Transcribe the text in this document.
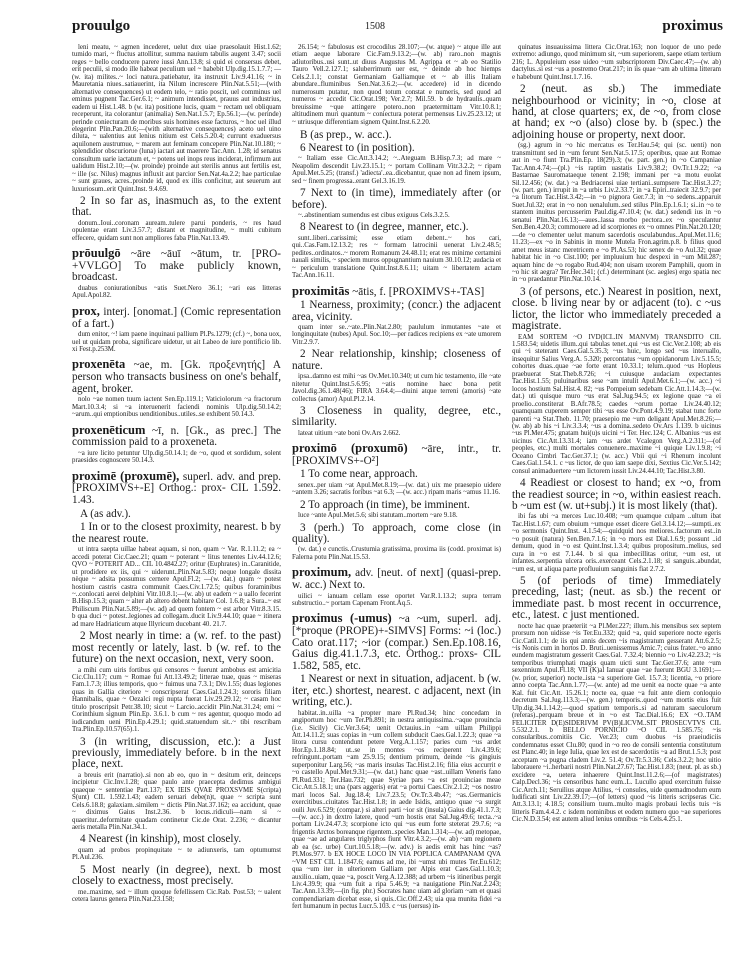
prouulgo	1508	proximus
leni meatu, ~ agmen incederet, uelut dux uiae praesolauit Hist.1.62; tumido mari, ~ fluctus attollitur, summa nauium tabulis augent 3.47; socii reges ~ bello conducere parere iussi Ann.13.8; si quid ei consersus debet, erit peculii, si modo ille habeat peculium uel ~ habebit Ulp.dig.15.1.7.7; —(w. ita) milites..~ loci natura..patiebatur, ita instruxit Liv.9.41.16; ~ in Mauretania niues..satiauerint, ita Nilum increscere Plin.Nat.5.51;—(with alternative consequences) ut eodem telo, ~ ratio poscit, uel comminus uel eminus pugnent Tac.Ger.6.1; ~ animum intendisset, prauus aut industrius, eadem ui Hist.1.48. b (w. ita) positione lucis, quam ~ rectam uel obliquam receperunt, ita colorantur (animalia) Sen.Nat.1.5.7; Ep.56.1;—(w. perinde) perinde coniecturam de moribus suis homines esse facturos, ~ hoc uel illud elegerint Plin.Pan.20.6;—(with alternative consequences) aceto uel uino diluta, ~ ualentius aut lenius nitium est Cels.5.20.4; currunt exaduersus aquilonem austrumue, ~ marem aut feminam concepere Plin.Nat.10.180; ~ splendidior obscuriorue (luna) iactari aut maerere Tac.Ann. 1.28; id senatus consultum uarie iactatum et, ~ potens uel inops reus inciderat, infirmum aut ualidum Hist.2.10;—(w. proinde) proinde aut sterilis annus aut fertilis est, ~ ille (sc. Nilus) magnus influxit aut parcior Sen.Nat.4a.2.2; hae particulae ~ sunt graues, acres..proinde id, quod ex illis conficitur, aut seuerum aut luxuriosum..erit Quint.Inst. 9.4.69.
2 In so far as, inasmuch as, to the extent that.
donum..Ioui..coronam auream..tulere parui ponderis, ~ res haud opulentae erant Liv.3.57.7; distant et magnitudine, ~ multi cubitum effecere, quidam sunt non ampliores faba Plin.Nat.13.49.
prōuulgō ~āre ~āuī ~ātum, tr. [PRO-+VVLGO] To make publicly known, broadcast.
duabus coniurationibus ~atis Suet.Nero 36.1; ~ari eas litteras Apul.Apol.82.
prox, interj. [onomat.] (Comic representation of a fart.)
dum enitor, ~! iam paene inquinaui pallium Pl.Ps.1279; (cf.) ~, bona uox, uel ut quidam proba, significare uidetur, ut ait Labeo de iure pontificio lib. xi Fest.p.253M.
proxenēta ~ae, m. [Gk. προξενητής] A person who transacts business on one's behalf, agent, broker.
nolo ~ae nomen tuum iactent Sen.Ep.119.1; Vaticiolorum ~a fractorum Mart.10.3.4; si ~a interuenerit faciendi nominis Ulp.dig.50.14.2; ~arum..qui emptionibus uenditionibus..utiles..se exhibent 50.14.3.
proxenēticum ~ī, n. [Gk., as prec.] The commission paid to a proxeneta.
~a iure licito petuntur Ulp.dig.50.14.1; de ~o, quod et sordidum, solent praesides cognoscere 50.14.3.
proximē (proxumē), superl. adv. and prep. [PROXIMVS+-E] Orthog.: prox- CIL 1.592. 1.43.
A (as adv.).
1 In or to the closest proximity, nearest. b by the nearest route.
ut intra saepta uillae habeat aquam, si non, quam ~ Var. R.1.11.2; ea ~ accedi poterat Cic.Caec.21; quam ~ poterant ~ litus tenentes Liv.44.12.6; QVO ~ POTERIT AD... CIL 10.4842.27; oritur (Euphrates) in..Caranitide, ut prodidere ex iis, qui ~ uiderunt..Plin.Nat.5.83; neque longale dissita nèque ~ adsita possumus cernere Apul.Fl.2; —(w. dat.) quam ~ potest hostium castris castra communit Caes.Civ.1.72.5; quibus foraminibus ~..conlocati aerei delphini Vitr.10.8.1;—(w. ab) ut eadem ~ a uallo fecerint B.Hisp.15.3; quam ~ alter ab altero debent habitare Col. 1.6.8; a Sura..~ est Philiscum Plin.Nat.5.89;—(w. ad) ad quem fontem ~ est arbor Vitr.8.3.15. b qua duci ~ potest..legiones ad collegam..ducit Liv.9.44.10; quae ~ itinera ad mare Hadriaticum atque Illyricum ducebant 40. 21.7.
2 Most nearly in time: a (w. ref. to the past) most recently or lately, last. b (w. ref. to the future) on the next occasion, next, very soon.
a mihi cum uiris fortibus qui censores ~ fuerunt ambobus est amicitia Cic.Clu.117; cum ~ Romae fui Att.13.49.2; litterae tuae, quas ~ miseras Fam.1.7.3; illius temporis, quo ~ fuimus una 7.3.1; Div.1.55; duas legiones quas in Gallia citeriore ~ conscripserat Caes.Gal.1.24.3; sororis filiam Hannibalis, quae ~ Oezalci regi nupta fuerat Liv.29.29.12; ~ casam hoc titulo proscripsit Petr.38.10; sicut ~ Larcio..accidit Plin.Nat.31.24; emi ~ Corinthium signum Plin.Ep. 3.6.1. b cum ~ res agentur, quoquo modo ad iudicandum ueni Plin.Ep.4.29.1; quid..statuendum sit..~ tibi rescribam Tra.Plin.Ep.10.57(65).1.
3 (in writing, discussion, etc.): a Just previously, immediately before. b in the next place, next.
a breuis erit (narratio)..si non ab eo, quo in ~ desitum erit, deinceps incipietur Cic.Inv.1.28; quae paulo ante praecepta dedimus ambigui quaeque ~ sententiae Part.137; EX IEIS QVAE PROXSVME S(cripta) S(unt) CIL 1.592.1.43; eadem seruari debe(n)t, quae ~ scripta sunt Cels.6.18.8; galaxiam..similem ~ dictis Plin.Nat.37.162; ea accidunt, quae ~ diximus Gaius Inst.2.36. b locus..ridiculi—nam si ~ quaeritur..deformitate quadam continetur Cic.de Orat. 2.236; ~ dicantur aeris metalla Plin.Nat.34.1.
4 Nearest (in kinship), most closely.
quam ad probos propinquitate ~ te adiunxeris, tam optumumst Pl.Aul.236.
5 Most nearly (in degree), next. b most closely to exactness, most precisely.
me..maxime, sed ~ illum quoque fefellissem Cic.Rab. Post.53; ~ ualent cetera laurus genera Plin.Nat.23.158;
26.154; ~ fabulosus est crocodilus 28.107;—(w. atque) ~ atque ille aut etiam aeque laborare Cic.Fam.9.13.2;—(w. ab) raro..non magnis adiutoribus..usi sunt..ut diuus Augustus M. Agrippa et ~ ab eo Statilio Tauro Vell.2.127.1; saluberrimum uer est, ~ deinde ab hoc hiemps Cels.2.1.1; constat Germaniam Galliamque et ~ ab illis Italiam abundare..fluminibus Sen.Nat.3.6.2;—(w. accedere) id in dicendo numerosum putatur, non quod totum constat e numeris, sed quod ad numeros ~ accedit Cic.Orat.198; Ver.2.7; Mil.59. b de hydraulis..quam breuissime ~que attingere potero..non praetermittam Vitr.10.8.1; altitudinem muri quantum ~ coniectura poterat permensus Liv.25.23.12; ut ~ utriusque differentiam signem Quint.Inst.6.2.20.
B (as prep., w. acc.).
6 Nearest to (in position).
~ Italiam esse Cic.Att.3.14.2; ~..Ateguam B.Hisp.7.3; ad mare ~ Neapolim descendit Liv.23.15.1; ~ portam Collinam Vitr.3.2.2; ~ ripam Apul.Met.5.25; (transf.) 'adiecta'..ea..dicebantur, quae non ad finem ipsum, sed ~ finem progressa..erant Gel.3.16.19.
7 Next to (in time), immediately after (or before).
~..abstinentiam sumendus est cibus exiguus Cels.3.2.5.
8 Nearest to (in degree, manner, etc.).
sunt..liberi..carissimi; esse etiam debent..~ hos cari, qui..Cas.Fam.12.13.2; res ~ formam latrocinii uenerat Liv.2.48.5; pedites..ordinatos..~ morem Romanum 24.48.11; erat res minime certamini nauali similis, ~ speciem muros oppugnantium nauium 30.10.12; audacia et ~ periculum translatione Quint.Inst.8.6.11; uitam ~ libertatem actam Tac.Ann.16.11.
proximitās ~ātis, f. [PROXIMVS+-TAS]
1 Nearness, proximity; (concr.) the adjacent area, vicinity.
quam inter se..~ate..Plin.Nat.2.80; paululum inmutantes ~ate et longinquitate (nubes) Apul. Soc.10;—per radices recipiens ex ~ate umorem Vitr.2.9.7.
2 Near relationship, kinship; closeness of nature.
ipsa..damno est mihi ~as Ov.Met.10.340; ut cum hic testamento, ille ~ate nitetur Quint.Inst.5.6.95; ~atis nomine haec bona petit Javol.dig.36.1.48(46); FIRA 3.64.4;—diuini atque terreni (amoris) ~ate collectus (amor) Apul.Pl.2.14.
3 Closeness in quality, degree, etc., similarity.
lateat uitium ~ate boni Ov.Ars 2.662.
proximō (proxumō) ~āre, intr., tr. [PROXIMVS+-O²]
1 To come near, approach.
senex..per uiam ~at Apul.Met.8.19;—(w. dat.) uix me praesepio uidere ~antem 3.26; sacratis foribus ~at 6.3; —(w. acc.) ripam maris ~amus 11.16.
2 To approach (in time), be imminent.
luce ~ante Apul.Met.5.6; sibi statutam..mortem ~are 9.18.
3 (perh.) To approach, come close (in quality).
(w. dat.) e cunctis..Crustumia gratissima, proxima iis (codd. proximat is) Falerna potu Plin.Nat.15.53.
proximum, adv. [neut. of next] (quasi-prep. w. acc.) Next to.
uilici ~ ianuam cellam esse oportet Var.R.1.13.2; supra terram substructio..~ portam Capenam Front.Aq.5.
proximus (-umus) ~a ~um, superl. adj. [*proque (PROPE)+-SIMVS] Forms: ~i (loc.) Cato orat.117; ~ior (compar.) Sen.Ep.108.16, Gaius dig.41.1.7.3, etc. Orthog.: proxs- CIL 1.582, 585, etc.
1 Nearest or next in situation, adjacent. b (w. iter, etc.) shortest, nearest. c adjacent, next (in writing, etc.).
habitat..in..uilla ~a propter mare Pl.Rud.34; hinc concedam in angiportum hoc ~um Ter.Ph.891; in uestra antiquissima..~aque prouincia (i.e. Sicily) Cic.Ver.3.64; uenit Octauius..in ~am uillam Philippi Att.14.11.2; suas copias in ~um collem subducit Caes.Gal.1.22.3; quae ~a litora cursu contendunt petere Verg.A.1.157; paries cum ~us ardet Hor.Ep.1.18.84; ut..se in montes ~os reciperent Liv.4.39.6; refringunt..portam ~am 25.9.15; dentium primum, deinde ~is gingiuis superponitur Larg.56; ~as maris insulas Tac.Hist.2.16; filia eius accurrit e ~o castello Apul.Met.9.31;—(w. dat.) hanc quae ~ast..uillam Veneris fano Pl.Rud.331; Ter.Hau.732; quae Syriae pars ~a est prouinciae meae Cic.Att.5.18.1; una (pars aggeris) erat ~a portui Caes.Civ.2.1.2; ~os nostro mari locos Sal. Jug.18.4; Liv.7.23.5; Ov.Tr.3.4b.47; ~as..Germanicis exercitibus..ciuitates Tac.Hist.1.8; in aede Isidis, antiquo quae ~a surgit ouili Juv.6.529; (compar.) si alteri parti ~ior sit (insula) Gaius dig.41.1.7.3;—(w. acc.) in dextro latere, quod ~um hostis erat Sal.Jug.49.6; tecta..~a portam Liv.24.47.3; scorpione icto qui ~us eum forte steterat 29.7.6; ~a frigentis Arctos boreanque rigentem..species Man.1.314;—(w. ad) metopae, quae ~ae ad angulares triglyphos fiunt Vitr.4.3.2;—(w. ab) ~am regionem ab ea (sc. urbe) Curt.10.5.18;—(w. adv.) is aedis emit has hinc ~as? Pl.Mos.977. b EX HOCE LOCO IN VIA POPLICA CAMPANAM QVA ~VM EST CIL 1.1847.6; eamus ad me, ibi ~umst ubi mutes Ter.Eu.612; qua ~um iter in ulteriorem Galliam per Alpis erat Caes.Gal.1.10.3; auxilio..uiam, quae ~a, poscit Verg.A.12.388; ad urbem ~is itineribus pergit Liv.4.39.9; qua ~um fuit a ripa 5.46.9; ~a nauigatione Plin.Nat.2.243; Tac.Ann.13.39;—(in fig. phr.) Socrates hanc uiam ad gloriam ~am et quasi compendiariam dicebat esse, si quis..Cic.Off.2.43; uia qua munita fidei ~a fert humanum in pectus Lucr.5.103. c ~us (uersus) in-
quinatus insuauissima littera Cic.Orat.163; non loquor de uno pede extremo: adiungo, quod minimum sit, ~um superiorem, saepe etiam tertium 216; L. Appuleium esse uideo ~um subscriptorem Div.Caec.47;—(w. ab) dactylus..si est ~us a postremo Orat.217; in iis quae ~am ab ultima litteram e habebunt Quint.Inst.1.7.16.
2 (neut. as sb.) The immediate neighbourhood or vicinity; in ~o, close at hand, at close quarters; ex, de ~o, from close at hand; ex ~o (also) close by. b (spec.) the adjoining house or property, next door.
(sg.) agrum in ~o hic mercatus es Ter.Hau.54; qui (sc. uenti) non transmittunt sed in ~um ferunt Sen.Nat.5.17.5; operibus, quae aut Romae aut in ~o fiunt Tra.Plin.Ep. 18(29).3; (w. part. gen.) in ~o Campaniae Tac.Ann.4.74;—(pl.) ~is raptim uastatis Liv.9.38.2; Ov.Tr.1.9.22; ~a Bastarnae Sauromataeque tenent 2.198; immani per ~a motu euolat Sil.12.456; (w. dat.) ~a Bedriacensi uiae tertiani..sumpsere Tac.Hist.3.27; (w. part. gen.) irrupit in ~a urbis Liv.2.33.7; in ~a Epiri..traiecit 32.9.7; per ~a litorum Tac.Hist.3.42;—in ~o pignora Ger.7.3; in ~o sedens..apparuit Suet.Jul.32; erat in ~o non uenalulum..sed stilus Plin.Ep.1.6.1; si..in ~o te stantem inuitus percusserim Paul.dig.47.10.4; (w. dat.) sedendi ius in ~o senatui Plin.Nat.16.13;—aues..lassa morbo pectora..ex ~o speculantur Sen.Ben.4.20.3; commouere ad id scorpiones ex ~o omnes Plin.Nat.20.120;—de ~o clementer uelut manum sacerdotis osculabundus..Apul.Met.11.6; 11.23;—ex ~o in Sabinis in monte Mutela Fron.agrim.p.8. b filius quod amet meus istanc meretricem e ~o Pl.As.53; hic senex de ~o Aul.32; quae habitat hic in ~o Cist.100; per impluuium huc despexi in ~um Mil.287; aquam hinc de ~o rogabo Rud.404; non uisam uxorem Pamphili, quom in ~o hic sit aegra? Ter.Hec.341; (cf.) determinant (sc. aegles) ergo spatia nec in ~o praedantur Plin.Nat.10.14.
3 (of persons, etc.) Nearest in position, next, close. b living near by or adjacent (to). c ~us lictor, the lictor who immediately preceded a magistrate.
EAM SORTEM ~O IVD(ICI..IN MANVM) TRANSDITO CIL 1.583.54; uidetis illum..qui tabulas tenet..qui ~us est Cic.Ver.2.108; ab eis qui ~i steterant Caes.Gal.5.35.3; ~us huic, longo sed ~us interuallo, insequitur Salius Verg.A. 5.320; percontatus ~um oppidanorum Liv.5.15.5; cohortes duas..quae ~ae forte erant 10.33.1; telum..quod ~us Hopleus praebuerat Stat.Theb.8.726; ~i cuiusque audaciam expectantes Tac.Hist.1.55; puluinaribus sese ~am intulit Apul.Met.6.1;—(w. acc.) ~i locos hostium Sal.Hist.4. 82; ~us Pompeium sedebam Cic.Att.1.14.3;—(w. dat.) uti quisque muro ~us erat Sal.Jug.94.5; ex legione quae ~a ei proelio..constiterat B.Afr.78.5; caedes ~orum portae Liv.24.40.12; quamquam cuperem semper tibi ~us esse Ov.Pont.4.9.19; stabat tunc forte parenti ~a Stat.Theb. 11.70; praesepio me ~um deligant Apul.Met.8.26;—(w. ab) ab his ~i Liv.3.3.4; ~us a domina..sedeto Ov.Ars 1.139. b uicinus ~us Pl.Mer.475; gnatam hui(u)s uicini ~i Ter. Hec.124; C. Albanius ~us est uicinus Cic.Att.13.31.4; iam ~us ardet Vcalegon Verg.A.2.311;—(of peoples, etc.) multi mortales conuenere..maxime ~i quique Liv.1.9.8; ~i Oceano Cimbri Tac.Ger.37.1; (w. acc.) Vbii qui ~i Rhenum incolunt Caes.Gal.1.54.1. c ~us lictor, de quo iam saepe dixi, Sextius Cic.Ver.5.142; consul animaduertere ~um lictorem iussit Liv.24.44.10; Tac.Hist.3.80.
4 Readiest or closest to hand; ex ~o, from the readiest source; in ~o, within easiest reach. b ~um est (w. ut+subj.) it is most likely (that).
ibi fas ubi ~a merces Luc.10.408; ~um quamque culpam ..ultum ibat Tac.Hist.1.67; cum obuium ~umque esset dicere Gel.3.14.12;—sumpti..ex ~o sermonis Quint.Inst. 4.1.54;—quidquid nos meliores..factorum est..in ~o posuit (natura) Sen.Ben.7.1.6; in ~o mors est Dial.1.6.9; possunt ..id demum, quod in ~o est Quint.Inst.1.3.4; quibus propositum..melius, sed cura in ~o est 7.1.44. b si qua imbecillitas oritur, ~um est, ut infantes..serpentia ulcera oris..exerceant Cels.2.1.18; si sanguis..abundat, ~um est, ut aliqua parte profluuium sanguinis fiat 2.7.2.
5 (of periods of time) Immediately preceding, last; (neut. as sb.) the recent or immediate past. b most recent in occurrence, etc., latest. c just mentioned.
nocte hac quae praeteriit ~a Pl.Mer.227; illum..his mensibus sex septem prorsum non uidisse ~is Ter.Eu.332; quid ~a, quid superiore nocte egeris Cic.Catil.1.1; de iis qui annis decem ~is magistratum gesserant Att.6.2.5; ~is Nonis cum in hortos D. Bruti..uenissemus Amic.7; cuius frater..~o anno eundem magistratum gesserit Caes.Gal. 7.32.4; biennio ~o Liv.42.23.2; ~is temporibus triumphati magis quam uicti sunt Tac.Ger.37.6; ante ~um sexennium Apul.Fl.18; VII (K)al Ianuar quae ~ae fuerunt BGU 3.1691;—(w. prior, superior) nocte..ista ~a superiore Gel. 15.7.3; licentia, ~o priore anno coepta Tac.Ann.1.77;—(w. ante) ad me uenit ea nocte quae ~a ante Kal. fuit Cic.Att. 15.26.1; nocte ea, quae ~a fuit ante diem conloquio decretum Sal.Jug.113.3;—(w. gen.) temporis..quod ~um mortis eius fuit Ulp.dig.34.1.14.2;—quod spatium temporis..si ad naturam saeculorum (referas)..perquam breue et in ~o est Tac.Dial.16.6; EX ~O..TAM FELICITER D(E)SIDERIVM PV(B)LICVM..SIT PROSECVTVS CIL 5.532.2.1. b BELLO PORNICIO ~O CIL 1.585.75; ~is consularibus..comitiis Cic. Ver.23; cum duobus ~is praeiudiciis condemnatus esset Clu.80; quod in ~o reo de consili sententia constitutum est Planc.40; in lege Iulia, quae lex est de sacerdotiis ~a ad Brut.1.5.3; post acceptam ~a pugna cladem Liv.2. 51.4; Ov.Tr.5.3.36; Cels.3.2.2; hoc uitio laborauere ~i..herbarii nostri Plin.Nat.27.67; Tac.Hist.1.83; (neut. pl. as sb.) excidere ~a, uetera inhaerere Quint.Inst.11.2.6;—(of magistrates) Calp.Decl.36; ~is censoribus hanc eum..L. Lucullo apud exercitum fuisse Cic.Arch.11; Seruilius atque Atilius, ~i consules, uide quemadmodum eum ludificati sint Liv.22.39.17;—(of letters) quod ~is litteris scripseras Cic. Att.3.13.1; 4.18.5; consilium tuum..multo magis probaui lectis tuis ~is litteris Fam.4.4.2. c isdem nominibus et eodem numero quo ~ae superiores Cic.N.D.3.54; est autem aliud lenius omnibus ~is Cels.4.25.1.
